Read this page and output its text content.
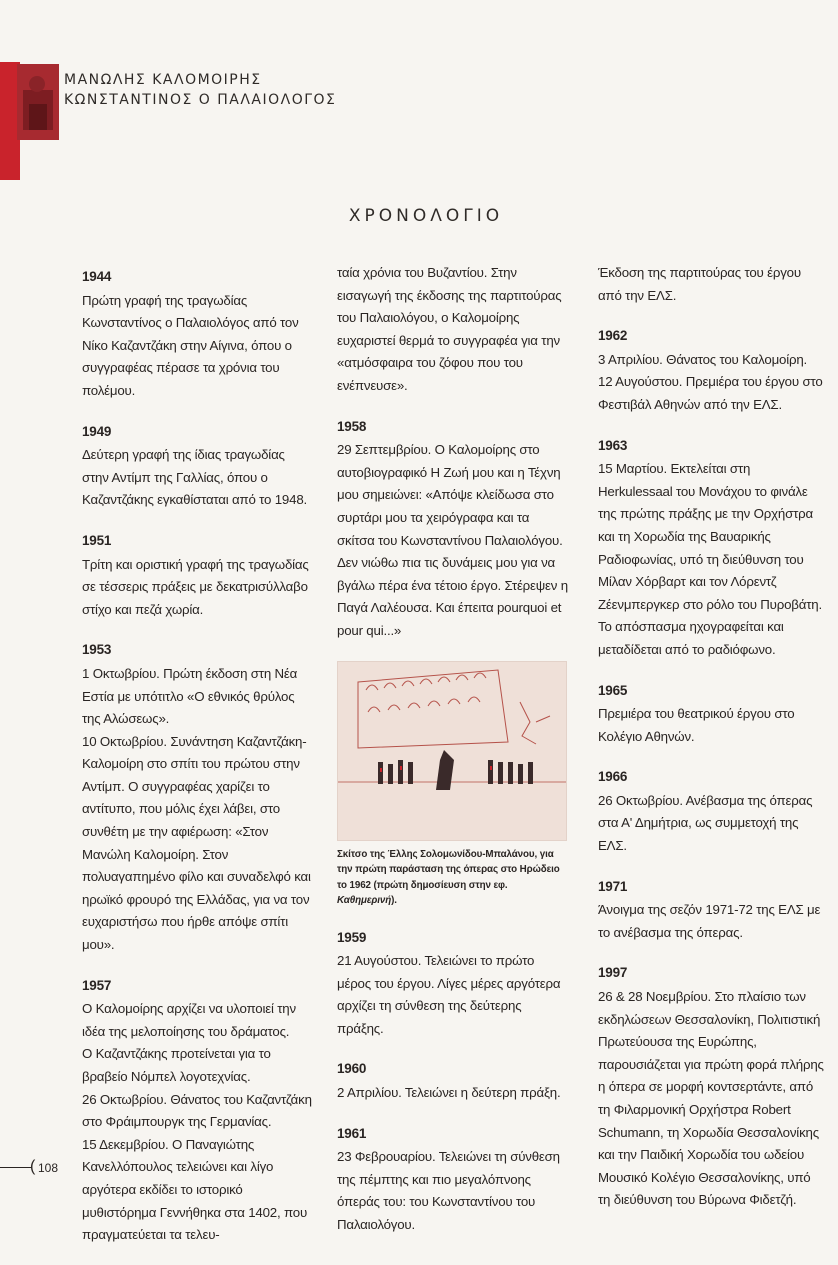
ΜΑΝΩΛΗΣ ΚΑΛΟΜΟΙΡΗΣ
ΚΩΝΣΤΑΝΤΙΝΟΣ Ο ΠΑΛΑΙΟΛΟΓΟΣ
ΧΡΟΝΟΛΟΓΙΟ
1944
Πρώτη γραφή της τραγωδίας Κωνσταντίνος ο Παλαιολόγος από τον Νίκο Καζαντζάκη στην Αίγινα, όπου ο συγγραφέας πέρασε τα χρόνια του πολέμου.
1949
Δεύτερη γραφή της ίδιας τραγωδίας στην Αντίμπ της Γαλλίας, όπου ο Καζαντζάκης εγκαθίσταται από το 1948.
1951
Τρίτη και οριστική γραφή της τραγωδίας σε τέσσερις πράξεις με δεκατρισύλλαβο στίχο και πεζά χωρία.
1953
1 Οκτωβρίου. Πρώτη έκδοση στη Νέα Εστία με υπότιτλο «Ο εθνικός θρύλος της Αλώσεως».
10 Οκτωβρίου. Συνάντηση Καζαντζάκη-Καλομοίρη στο σπίτι του πρώτου στην Αντίμπ. Ο συγγραφέας χαρίζει το αντίτυπο, που μόλις έχει λάβει, στο συνθέτη με την αφιέρωση: «Στον Μανώλη Καλομοίρη. Στον πολυαγαπημένο φίλο και συναδελφό και ηρωϊκό φρουρό της Ελλάδας, για να τον ευχαριστήσω που ήρθε απόψε σπίτι μου».
1957
Ο Καλομοίρης αρχίζει να υλοποιεί την ιδέα της μελοποίησης του δράματος.
Ο Καζαντζάκης προτείνεται για το βραβείο Νόμπελ λογοτεχνίας.
26 Οκτωβρίου. Θάνατος του Καζαντζάκη στο Φράιμπουργκ της Γερμανίας.
15 Δεκεμβρίου. Ο Παναγιώτης Κανελλόπουλος τελειώνει και λίγο αργότερα εκδίδει το ιστορικό μυθιστόρημα Γεννήθηκα στα 1402, που πραγματεύεται τα τελευ-
ταία χρόνια του Βυζαντίου. Στην εισαγωγή της έκδοσης της παρτιτούρας του Παλαιολόγου, ο Καλομοίρης ευχαριστεί θερμά το συγγραφέα για την «ατμόσφαιρα του ζόφου που του ενέπνευσε».
1958
29 Σεπτεμβρίου. Ο Καλομοίρης στο αυτοβιογραφικό Η Ζωή μου και η Τέχνη μου σημειώνει: «Απόψε κλείδωσα στο συρτάρι μου τα χειρόγραφα και τα σκίτσα του Κωνσταντίνου Παλαιολόγου. Δεν νιώθω πια τις δυνάμεις μου για να βγάλω πέρα ένα τέτοιο έργο. Στέρεψεν η Παγά Λαλέουσα. Και έπειτα pourquoi et pour qui...»

Σκίτσο της Έλλης Σολομωνίδου-Μπαλάνου, για την πρώτη παράσταση της όπερας στο Ηρώδειο το 1962 (πρώτη δημοσίευση στην εφ. Καθημερινή).

1959
21 Αυγούστου. Τελειώνει το πρώτο μέρος του έργου. Λίγες μέρες αργότερα αρχίζει τη σύνθεση της δεύτερης πράξης.
1960
2 Απριλίου. Τελειώνει η δεύτερη πράξη.
1961
23 Φεβρουαρίου. Τελειώνει τη σύνθεση της πέμπτης και πιο μεγαλόπνοης όπεράς του: του Κωνσταντίνου του Παλαιολόγου.
Έκδοση της παρτιτούρας του έργου από την ΕΛΣ.
1962
3 Απριλίου. Θάνατος του Καλομοίρη.
12 Αυγούστου. Πρεμιέρα του έργου στο Φεστιβάλ Αθηνών από την ΕΛΣ.
1963
15 Μαρτίου. Εκτελείται στη Herkulessaal του Μονάχου το φινάλε της πρώτης πράξης με την Ορχήστρα και τη Χορωδία της Βαυαρικής Ραδιοφωνίας, υπό τη διεύθυνση του Μίλαν Χόρβαρτ και τον Λόρεντζ Ζέενμπεργκερ στο ρόλο του Πυροβάτη. Το απόσπασμα ηχογραφείται και μεταδίδεται από το ραδιόφωνο.
1965
Πρεμιέρα του θεατρικού έργου στο Κολέγιο Αθηνών.
1966
26 Οκτωβρίου. Ανέβασμα της όπερας στα Α' Δημήτρια, ως συμμετοχή της ΕΛΣ.
1971
Άνοιγμα της σεζόν 1971-72 της ΕΛΣ με το ανέβασμα της όπερας.
1997
26 & 28 Νοεμβρίου. Στο πλαίσιο των εκδηλώσεων Θεσσαλονίκη, Πολιτιστική Πρωτεύουσα της Ευρώπης, παρουσιάζεται για πρώτη φορά πλήρης η όπερα σε μορφή κοντσερτάντε, από τη Φιλαρμονική Ορχήστρα Robert Schumann, τη Χορωδία Θεσσαλονίκης και την Παιδική Χορωδία του ωδείου Μουσικό Κολέγιο Θεσσαλονίκης, υπό τη διεύθυνση του Βύρωνα Φιδετζή.
( 108
